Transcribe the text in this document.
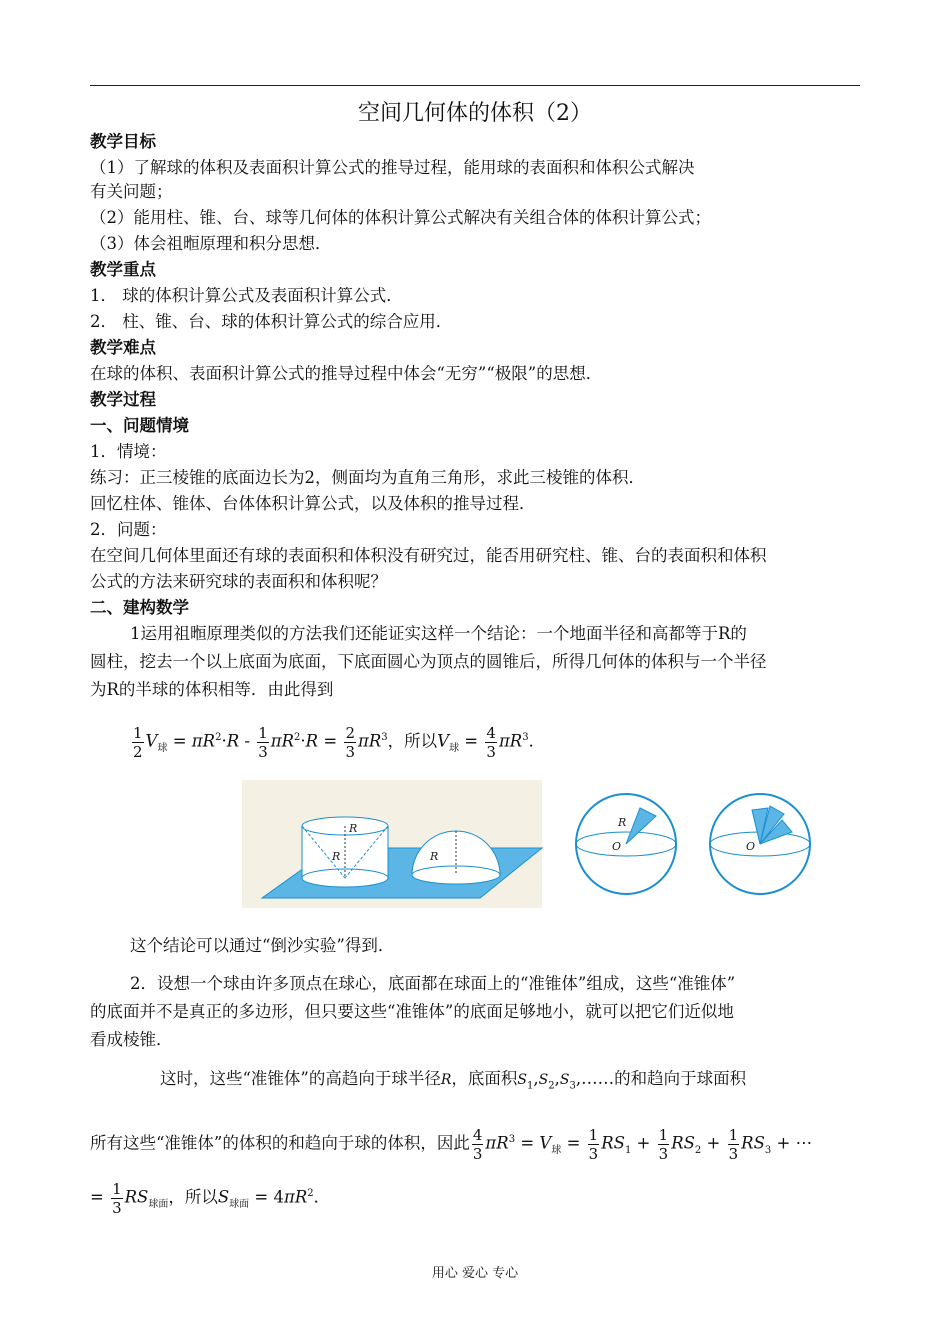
空间几何体的体积（2）
教学目标
（1）了解球的体积及表面积计算公式的推导过程，能用球的表面积和体积公式解决
有关问题；
（2）能用柱、锥、台、球等几何体的体积计算公式解决有关组合体的体积计算公式；
（3）体会祖暅原理和积分思想．
教学重点
1． 球的体积计算公式及表面积计算公式．
2． 柱、锥、台、球的体积计算公式的综合应用．
教学难点
在球的体积、表面积计算公式的推导过程中体会“无穷”“极限”的思想．
教学过程
一、问题情境
1．情境：
练习：正三棱锥的底面边长为2，侧面均为直角三角形，求此三棱锥的体积．
回忆柱体、锥体、台体体积计算公式，以及体积的推导过程．
2．问题：
在空间几何体里面还有球的表面积和体积没有研究过，能否用研究柱、锥、台的表面积和体积
公式的方法来研究球的表面积和体积呢？
二、建构数学
1运用祖暅原理类似的方法我们还能证实这样一个结论：一个地面半径和高都等于R的
圆柱，挖去一个以上底面为底面，下底面圆心为顶点的圆锥后，所得几何体的体积与一个半径
为R的半球的体积相等．由此得到
$\frac{1}{2} V_球 = \pi R^2\cdot R - \frac{1}{3} \pi R^2\cdot R = \frac{2}{3} \pi R^3$，所以$V_球 = \frac{4}{3} \pi R^3$．
R
R	R
R
O	O
这个结论可以通过“倒沙实验”得到．
2．设想一个球由许多顶点在球心，底面都在球面上的“准锥体”组成，这些“准锥体”
的底面并不是真正的多边形，但只要这些“准锥体”的底面足够地小，就可以把它们近似地
看成棱锥．
这时，这些“准锥体”的高趋向于球半径R，底面积$S_1,S_2,S_3,\dots\dots$的和趋向于球面积
所有这些“准锥体”的体积的和趋向于球的体积，因此 $\frac{4}{3} \pi R^3 = V_球 = \frac{1}{3} RS_1 + \frac{1}{3} RS_2 + \frac{1}{3} RS_3$ + ⋯
= $\frac{1}{3} RS_{球面}$，所以$S_{球面} = 4\pi R^2$．
用心 爱心 专心
